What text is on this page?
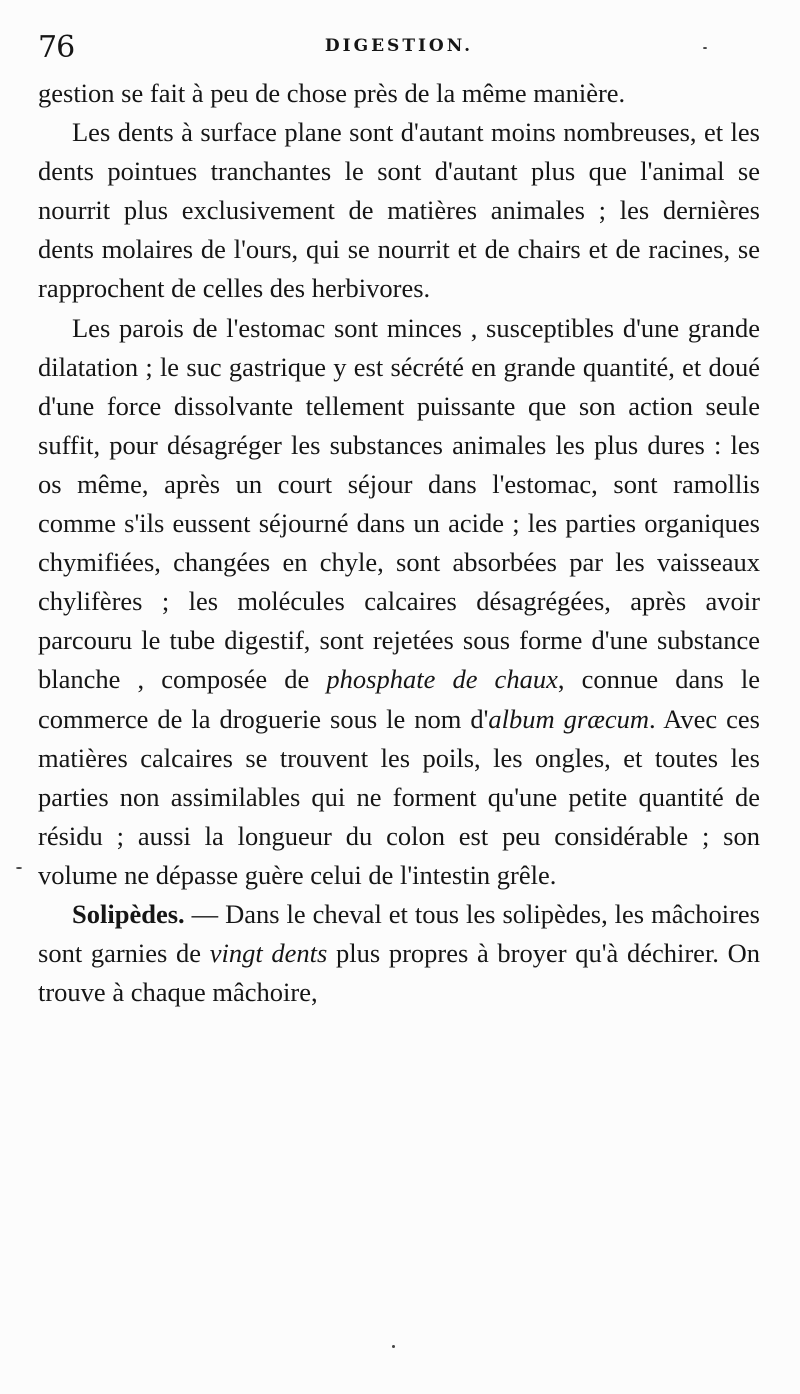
76	DIGESTION.

gestion se fait à peu de chose près de la même manière.

Les dents à surface plane sont d'autant moins nombreuses, et les dents pointues tranchantes le sont d'autant plus que l'animal se nourrit plus exclusivement de matières animales ; les dernières dents molaires de l'ours, qui se nourrit et de chairs et de racines, se rapprochent de celles des herbivores.

Les parois de l'estomac sont minces , susceptibles d'une grande dilatation ; le suc gastrique y est sécrété en grande quantité, et doué d'une force dissolvante tellement puissante que son action seule suffit, pour désagréger les substances animales les plus dures : les os même, après un court séjour dans l'estomac, sont ramollis comme s'ils eussent séjourné dans un acide ; les parties organiques chymifiées, changées en chyle, sont absorbées par les vaisseaux chylifères ; les molécules calcaires désagrégées, après avoir parcouru le tube digestif, sont rejetées sous forme d'une substance blanche , composée de phosphate de chaux, connue dans le commerce de la droguerie sous le nom d'album græcum. Avec ces matières calcaires se trouvent les poils, les ongles, et toutes les parties non assimilables qui ne forment qu'une petite quantité de résidu ; aussi la longueur du colon est peu considérable ; son volume ne dépasse guère celui de l'intestin grêle.

Solipèdes. — Dans le cheval et tous les solipèdes, les mâchoires sont garnies de vingt dents plus propres à broyer qu'à déchirer. On trouve à chaque mâchoire,
